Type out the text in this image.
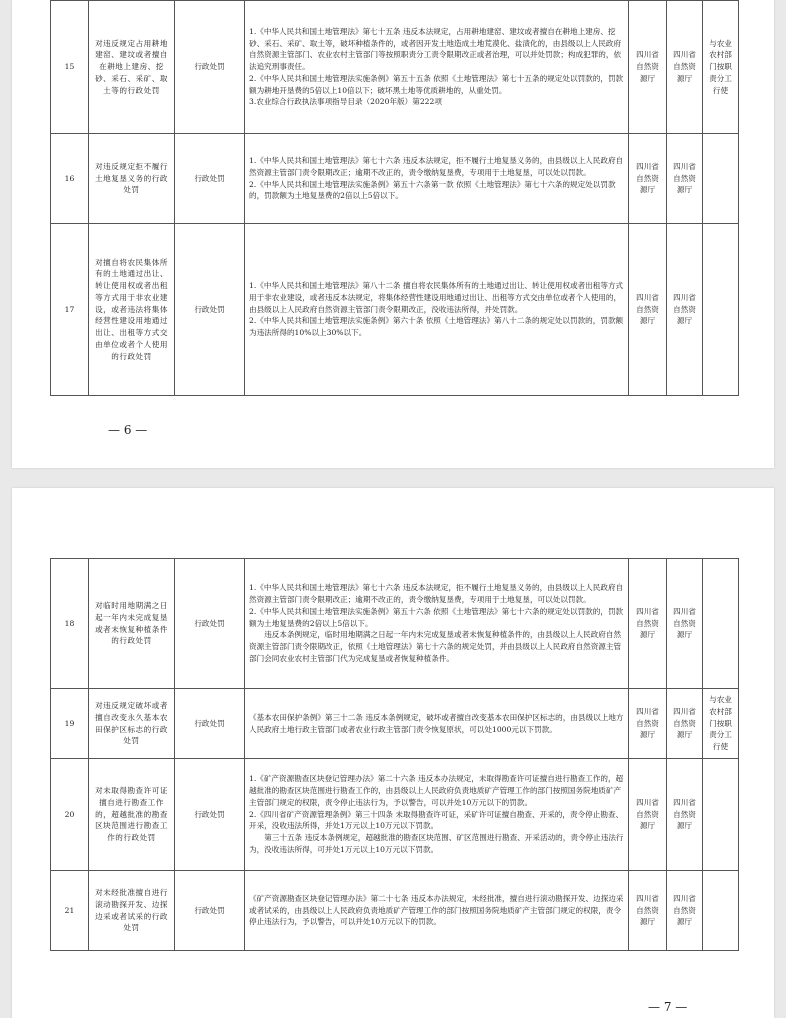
15	对违反规定占用耕地建窑、建坟或者擅自在耕地上建房、挖砂、采石、采矿、取土等的行政处罚	行政处罚	1.《中华人民共和国土地管理法》第七十五条 违反本法规定，占用耕地建窑、建坟或者擅自在耕地上建房、挖砂、采石、采矿、取土等，破坏种植条件的，或者因开发土地造成土地荒漠化、盐渍化的，由县级以上人民政府自然资源主管部门、农业农村主管部门等按照职责分工责令限期改正或者治理，可以并处罚款；构成犯罪的，依法追究刑事责任。

2.《中华人民共和国土地管理法实施条例》第五十五条 依照《土地管理法》第七十五条的规定处以罚款的，罚款额为耕地开垦费的5倍以上10倍以下；破坏黑土地等优质耕地的，从重处罚。

3.农业综合行政执法事项指导目录（2020年版）第222项	四川省自然资源厅	四川省自然资源厅	与农业农村部门按职责分工行使
16	对违反规定拒不履行土地复垦义务的行政处罚	行政处罚	1.《中华人民共和国土地管理法》第七十六条 违反本法规定，拒不履行土地复垦义务的，由县级以上人民政府自然资源主管部门责令限期改正；逾期不改正的，责令缴纳复垦费，专项用于土地复垦，可以处以罚款。

2.《中华人民共和国土地管理法实施条例》第五十六条第一款 依照《土地管理法》第七十六条的规定处以罚款的，罚款额为土地复垦费的2倍以上5倍以下。	四川省自然资源厅	四川省自然资源厅	
17	对擅自将农民集体所有的土地通过出让、转让使用权或者出租等方式用于非农业建设，或者违法将集体经营性建设用地通过出让、出租等方式交由单位或者个人使用的行政处罚	行政处罚	1.《中华人民共和国土地管理法》第八十二条 擅自将农民集体所有的土地通过出让、转让使用权或者出租等方式用于非农业建设，或者违反本法规定，将集体经营性建设用地通过出让、出租等方式交由单位或者个人使用的，由县级以上人民政府自然资源主管部门责令限期改正，没收违法所得，并处罚款。

2.《中华人民共和国土地管理法实施条例》第六十条 依照《土地管理法》第八十二条的规定处以罚款的，罚款额为违法所得的10%以上30%以下。	四川省自然资源厅	四川省自然资源厅	
— 6 —
18	对临时用地期满之日起一年内未完成复垦或者未恢复种植条件的行政处罚	行政处罚	1.《中华人民共和国土地管理法》第七十六条 违反本法规定，拒不履行土地复垦义务的，由县级以上人民政府自然资源主管部门责令限期改正；逾期不改正的，责令缴纳复垦费，专项用于土地复垦，可以处以罚款。

2.《中华人民共和国土地管理法实施条例》第五十六条 依照《土地管理法》第七十六条的规定处以罚款的，罚款额为土地复垦费的2倍以上5倍以下。

违反本条例规定，临时用地期满之日起一年内未完成复垦或者未恢复种植条件的，由县级以上人民政府自然资源主管部门责令限期改正，依照《土地管理法》第七十六条的规定处罚，并由县级以上人民政府自然资源主管部门会同农业农村主管部门代为完成复垦或者恢复种植条件。	四川省自然资源厅	四川省自然资源厅	
19	对违反规定破坏或者擅自改变永久基本农田保护区标志的行政处罚	行政处罚	《基本农田保护条例》第三十二条 违反本条例规定，破坏或者擅自改变基本农田保护区标志的，由县级以上地方人民政府土地行政主管部门或者农业行政主管部门责令恢复原状，可以处1000元以下罚款。	四川省自然资源厅	四川省自然资源厅	与农业农村部门按职责分工行使
20	对未取得勘查许可证擅自进行勘查工作的，超越批准的勘查区块范围进行勘查工作的行政处罚	行政处罚	1.《矿产资源勘查区块登记管理办法》第二十六条 违反本办法规定，未取得勘查许可证擅自进行勘查工作的，超越批准的勘查区块范围进行勘查工作的，由县级以上人民政府负责地质矿产管理工作的部门按照国务院地质矿产主管部门规定的权限，责令停止违法行为，予以警告，可以并处10万元以下的罚款。

2.《四川省矿产资源管理条例》第三十四条 未取得勘查许可证，采矿许可证擅自勘查、开采的，责令停止勘查、开采，没收违法所得，并处1万元以上10万元以下罚款。

第三十五条 违反本条例规定，超越批准的勘查区块范围、矿区范围进行勘查、开采活动的，责令停止违法行为，没收违法所得，可并处1万元以上10万元以下罚款。	四川省自然资源厅	四川省自然资源厅	
21	对未经批准擅自进行滚动勘探开发、边探边采或者试采的行政处罚	行政处罚	《矿产资源勘查区块登记管理办法》第二十七条 违反本办法规定，未经批准，擅自进行滚动勘探开发、边探边采或者试采的，由县级以上人民政府负责地质矿产管理工作的部门按照国务院地质矿产主管部门规定的权限，责令停止违法行为，予以警告，可以并处10万元以下的罚款。	四川省自然资源厅	四川省自然资源厅	
— 7 —
